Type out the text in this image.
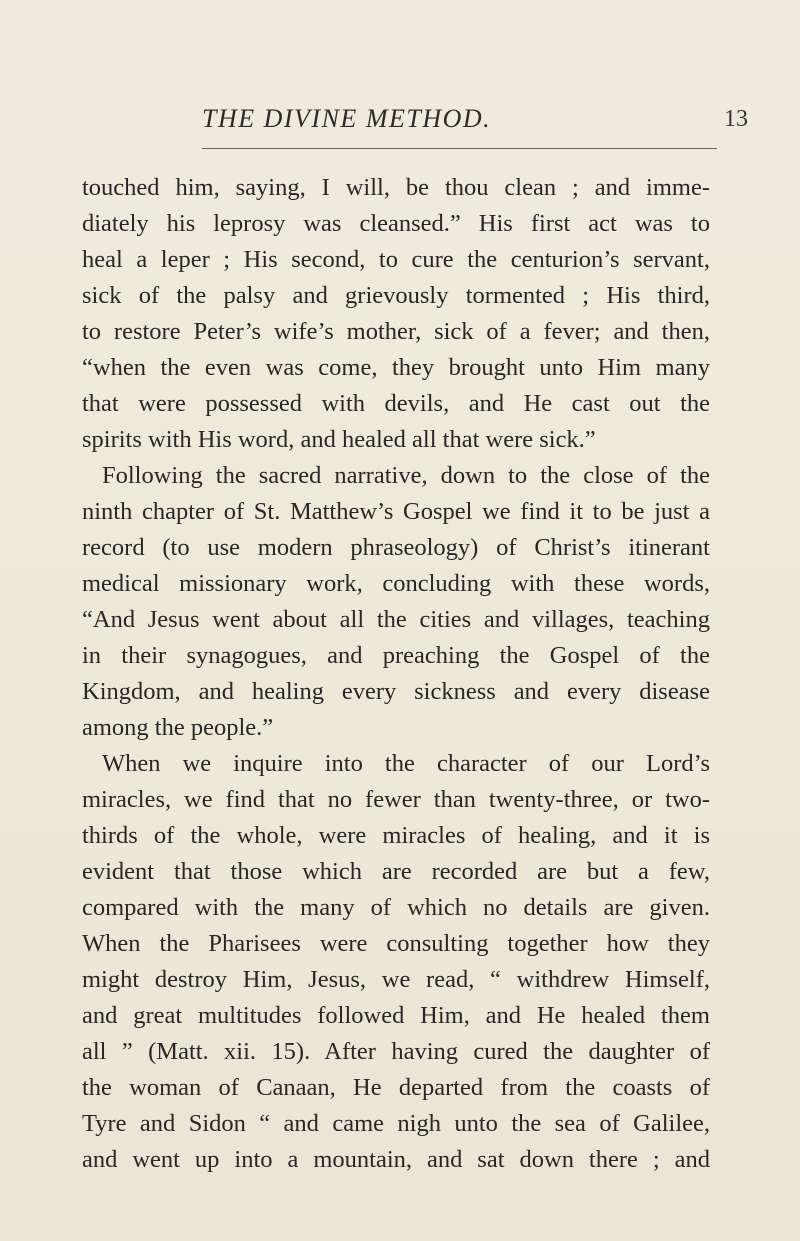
THE DIVINE METHOD.	13
touched him, saying, I will, be thou clean ; and imme-
diately his leprosy was cleansed.” His first act was to
heal a leper ; His second, to cure the centurion’s servant,
sick of the palsy and grievously tormented ; His third,
to restore Peter’s wife’s mother, sick of a fever; and then,
“when the even was come, they brought unto Him many
that were possessed with devils, and He cast out the
spirits with His word, and healed all that were sick.”
Following the sacred narrative, down to the close of the
ninth chapter of St. Matthew’s Gospel we find it to be just a
record (to use modern phraseology) of Christ’s itinerant
medical missionary work, concluding with these words,
“And Jesus went about all the cities and villages, teaching
in their synagogues, and preaching the Gospel of the
Kingdom, and healing every sickness and every disease
among the people.”
When we inquire into the character of our Lord’s
miracles, we find that no fewer than twenty-three, or two-
thirds of the whole, were miracles of healing, and it is
evident that those which are recorded are but a few,
compared with the many of which no details are given.
When the Pharisees were consulting together how they
might destroy Him, Jesus, we read, “ withdrew Himself,
and great multitudes followed Him, and He healed them
all ” (Matt. xii. 15). After having cured the daughter of
the woman of Canaan, He departed from the coasts of
Tyre and Sidon “ and came nigh unto the sea of Galilee,
and went up into a mountain, and sat down there ; and
